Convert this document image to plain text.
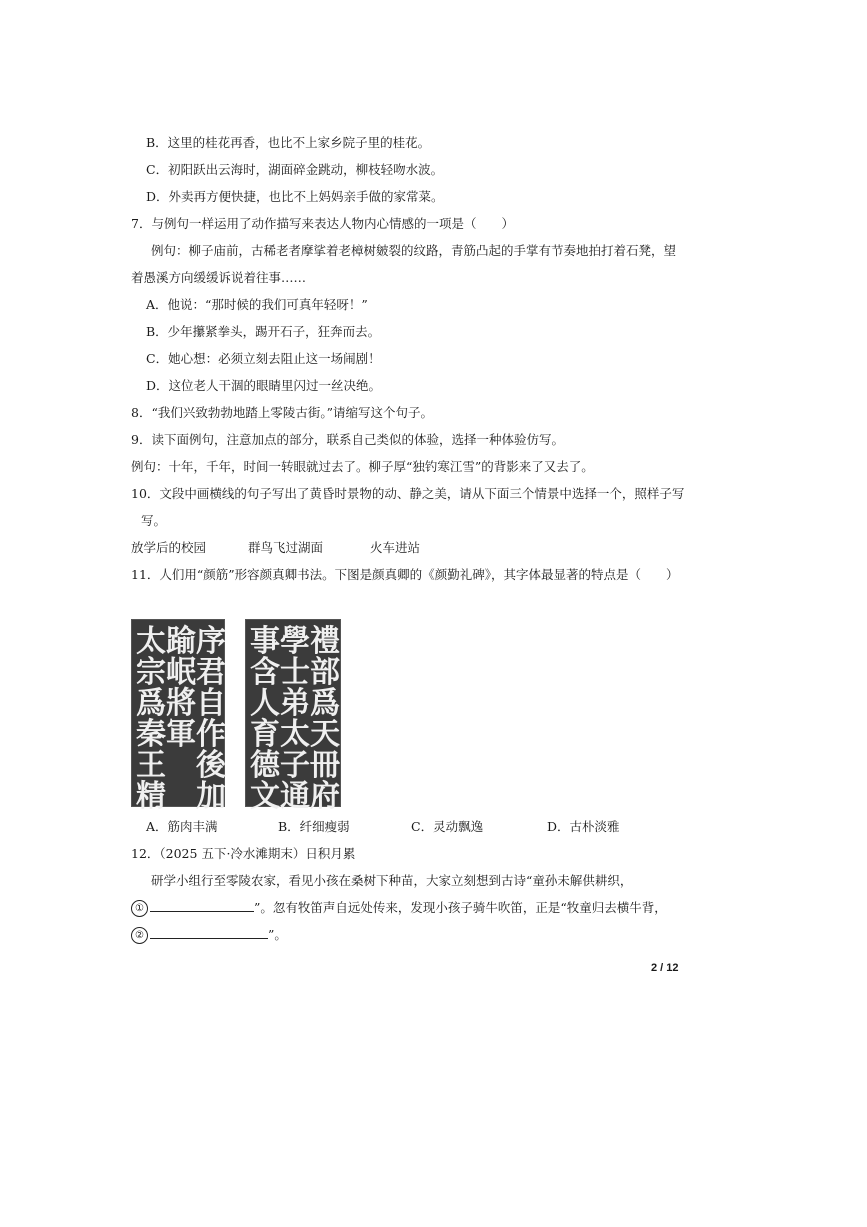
B．这里的桂花再香，也比不上家乡院子里的桂花。
C．初阳跃出云海时，湖面碎金跳动，柳枝轻吻水波。
D．外卖再方便快捷，也比不上妈妈亲手做的家常菜。
7．与例句一样运用了动作描写来表达人物内心情感的一项是（　　）
例句：柳子庙前，古稀老者摩挲着老樟树皴裂的纹路，青筋凸起的手掌有节奏地拍打着石凳，望
着愚溪方向缓缓诉说着往事……
A．他说：“那时候的我们可真年轻呀！”
B．少年攥紧拳头，踢开石子，狂奔而去。
C．她心想：必须立刻去阻止这一场闹剧！
D．这位老人干涸的眼睛里闪过一丝决绝。
8．“我们兴致勃勃地踏上零陵古街。”请缩写这个句子。
9．读下面例句，注意加点的部分，联系自己类似的体验，选择一种体验仿写。
例句：十年，千年，时间一转眼就过去了。柳子厚“独钓寒江雪”的背影来了又去了。
10．文段中画横线的句子写出了黄昏时景物的动、静之美，请从下面三个情景中选择一个，照样子写
写。
放学后的校园	群鸟飞过湖面	火车进站
11．人们用“颜筋”形容颜真卿书法。下图是颜真卿的《颜勤礼碑》，其字体最显著的特点是（　　）
序
君
自
作
後
加
踰
岷
將
軍
太
宗
爲
秦
王
精
禮
部
爲
天
冊
府
學
士
弟
太
子
通
事
含
人
育
德
文
A．筋肉丰满	B．纤细瘦弱	C．灵动飘逸	D．古朴淡雅
12．（2025 五下·冷水滩期末）日积月累
研学小组行至零陵农家，看见小孩在桑树下种苗，大家立刻想到古诗“童孙未解供耕织，
①	”。忽有牧笛声自远处传来，发现小孩子骑牛吹笛，正是“牧童归去横牛背，
②	”。
2 / 12
